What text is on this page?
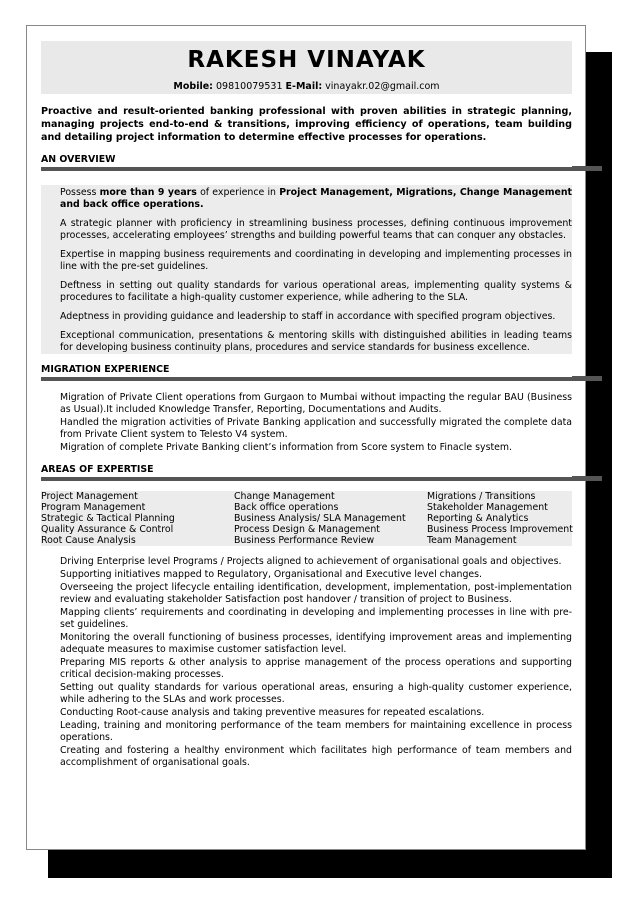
RAKESH VINAYAK
Mobile: 09810079531 E-Mail: vinayakr.02@gmail.com
Proactive and result-oriented banking professional with proven abilities in strategic planning, managing projects end-to-end & transitions, improving efficiency of operations, team building and detailing project information to determine effective processes for operations.
AN OVERVIEW
Possess more than 9 years of experience in Project Management, Migrations, Change Management and back office operations.
A strategic planner with proficiency in streamlining business processes, defining continuous improvement processes, accelerating employees’ strengths and building powerful teams that can conquer any obstacles.
Expertise in mapping business requirements and coordinating in developing and implementing processes in line with the pre-set guidelines.
Deftness in setting out quality standards for various operational areas, implementing quality systems & procedures to facilitate a high-quality customer experience, while adhering to the SLA.
Adeptness in providing guidance and leadership to staff in accordance with specified program objectives.
Exceptional communication, presentations & mentoring skills with distinguished abilities in leading teams for developing business continuity plans, procedures and service standards for business excellence.
MIGRATION EXPERIENCE
Migration of Private Client operations from Gurgaon to Mumbai without impacting the regular BAU (Business as Usual).It included Knowledge Transfer, Reporting, Documentations and Audits.
Handled the migration activities of Private Banking application and successfully migrated the complete data from Private Client system to Telesto V4 system.
Migration of complete Private Banking client’s information from Score system to Finacle system.
AREAS OF EXPERTISE
Project Management	Change Management	Migrations / Transitions
Program Management	Back office operations	Stakeholder Management
Strategic & Tactical Planning	Business Analysis/ SLA Management	Reporting & Analytics
Quality Assurance & Control	Process Design & Management	Business Process Improvement
Root Cause Analysis	Business Performance Review	Team Management
Driving Enterprise level Programs / Projects aligned to achievement of organisational goals and objectives.
Supporting initiatives mapped to Regulatory, Organisational and Executive level changes.
Overseeing the project lifecycle entailing identification, development, implementation, post-implementation review and evaluating stakeholder Satisfaction post handover / transition of project to Business.
Mapping clients’ requirements and coordinating in developing and implementing processes in line with pre-set guidelines.
Monitoring the overall functioning of business processes, identifying improvement areas and implementing adequate measures to maximise customer satisfaction level.
Preparing MIS reports & other analysis to apprise management of the process operations and supporting critical decision-making processes.
Setting out quality standards for various operational areas, ensuring a high-quality customer experience, while adhering to the SLAs and work processes.
Conducting Root-cause analysis and taking preventive measures for repeated escalations.
Leading, training and monitoring performance of the team members for maintaining excellence in process operations.
Creating and fostering a healthy environment which facilitates high performance of team members and accomplishment of organisational goals.
